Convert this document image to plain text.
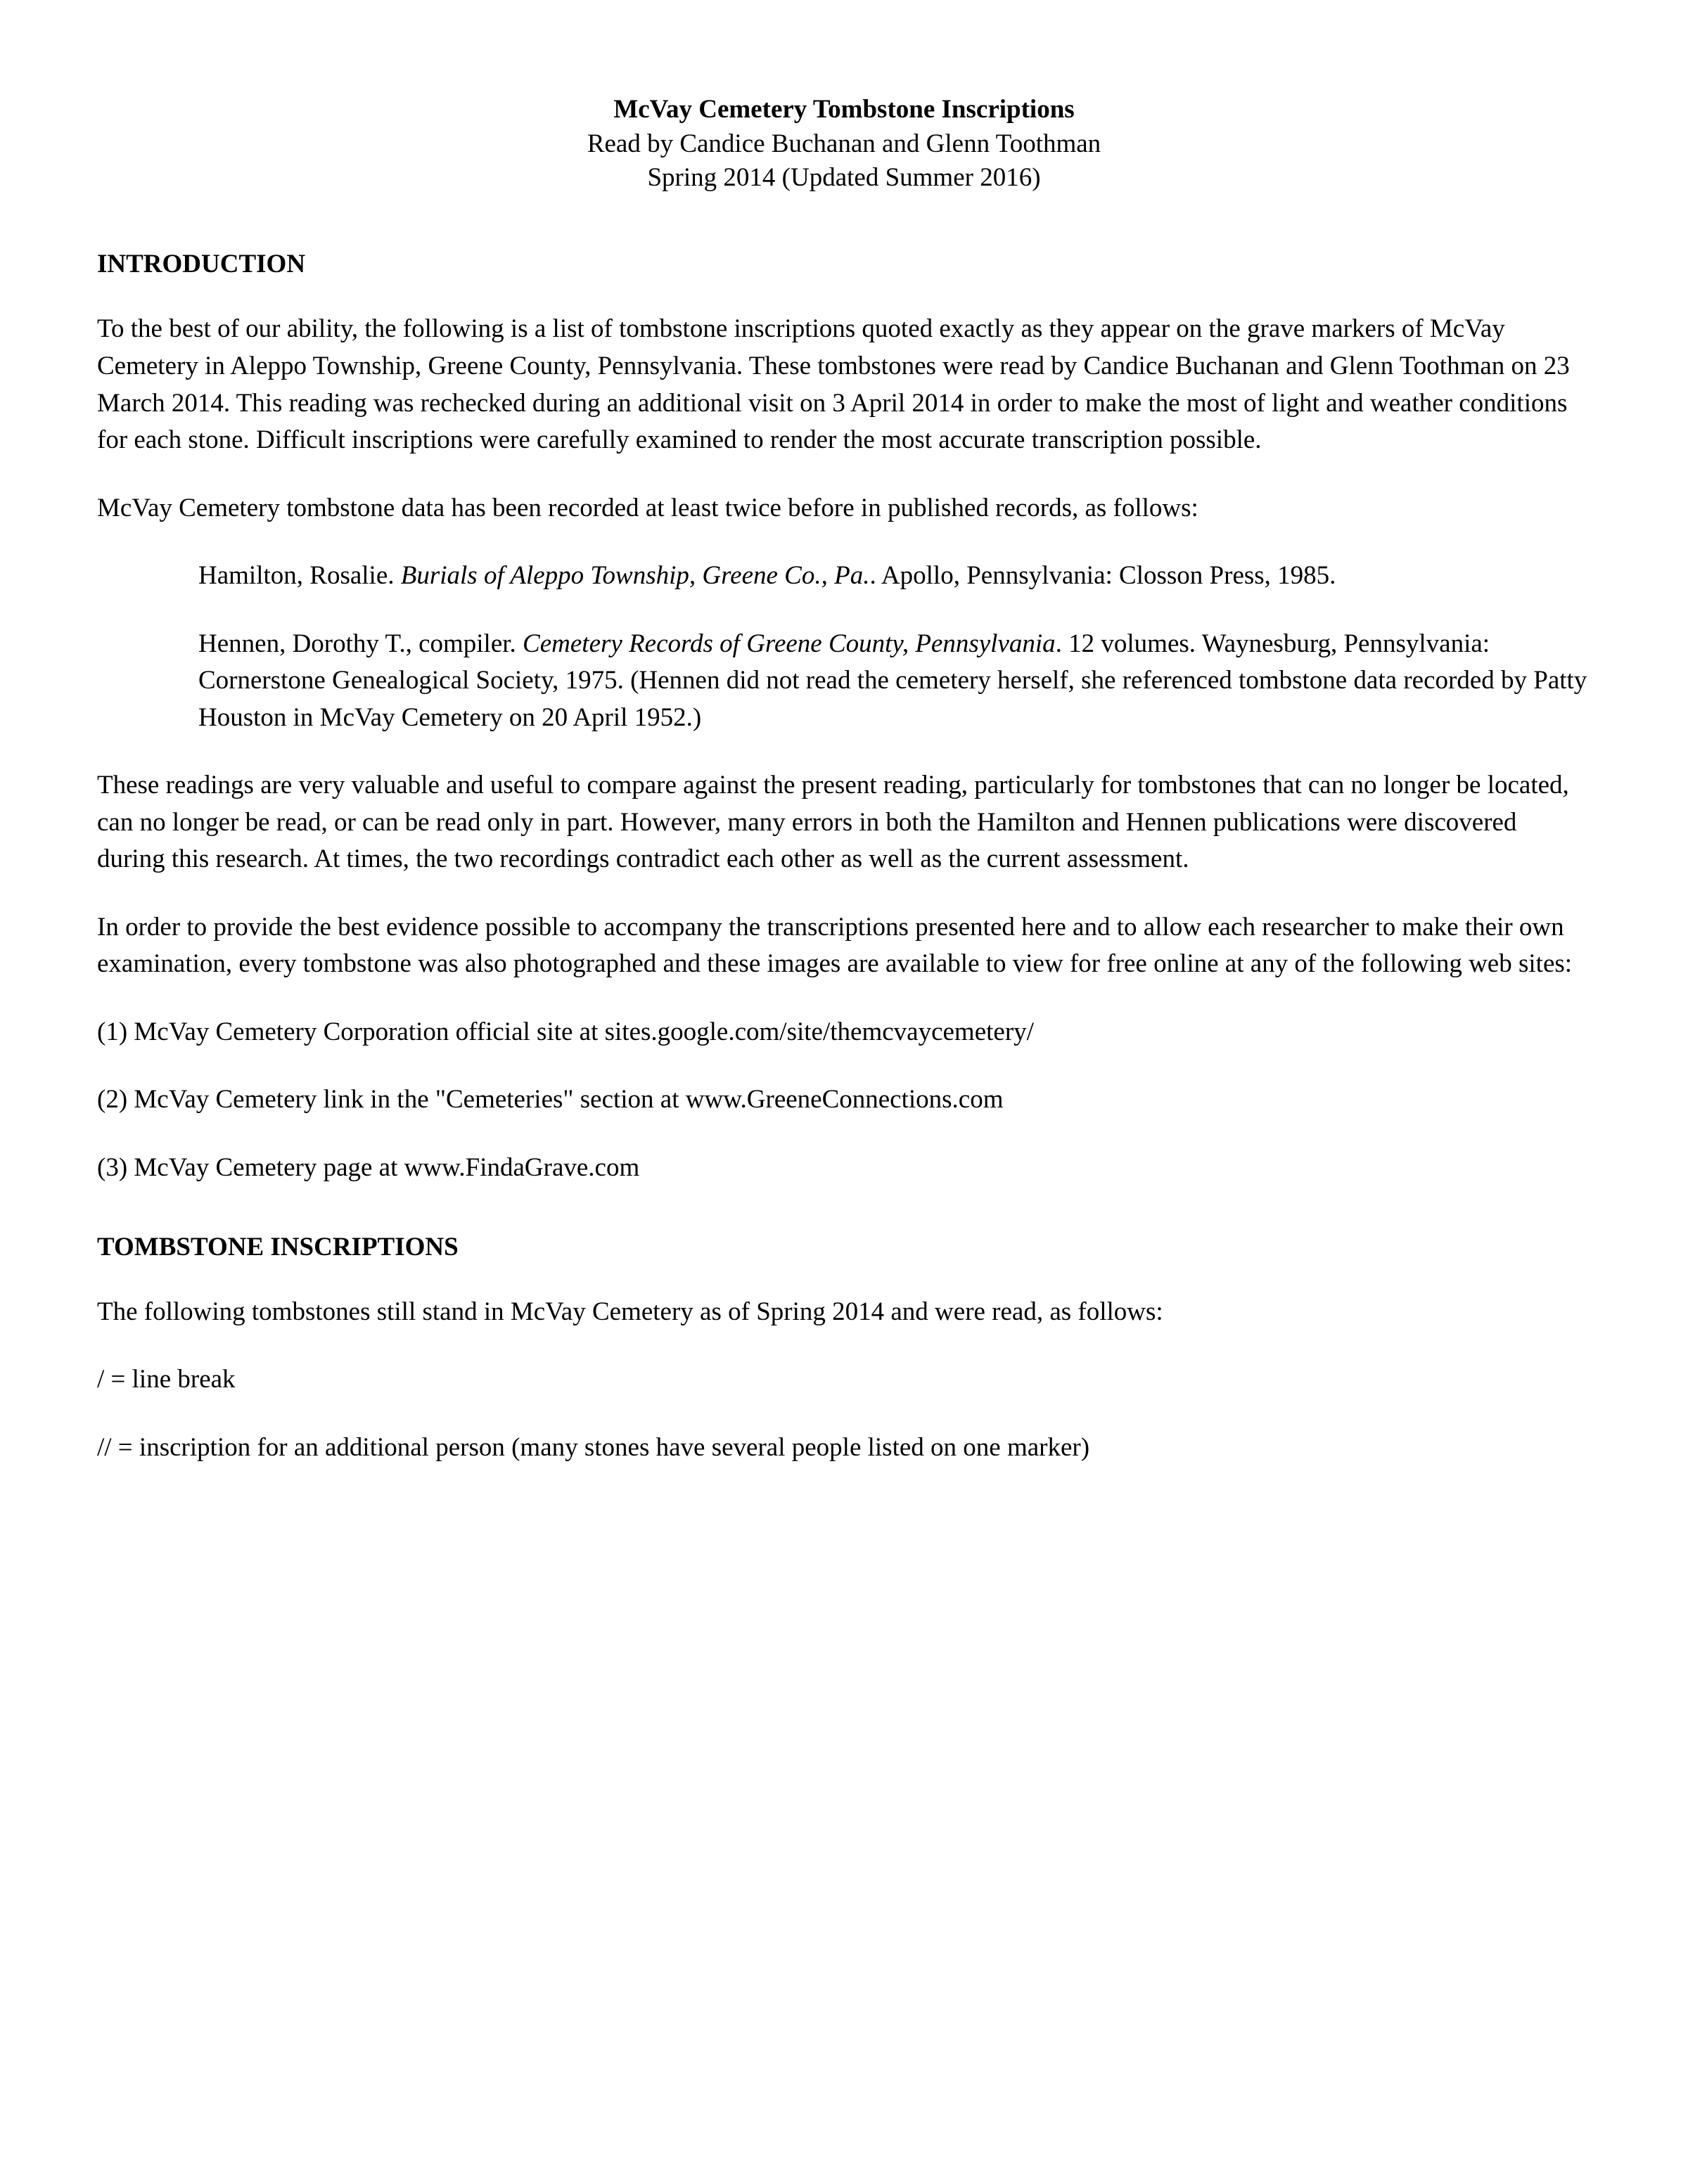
McVay Cemetery Tombstone Inscriptions
Read by Candice Buchanan and Glenn Toothman
Spring 2014 (Updated Summer 2016)
INTRODUCTION

To the best of our ability, the following is a list of tombstone inscriptions quoted exactly as they appear on the grave markers of McVay Cemetery in Aleppo Township, Greene County, Pennsylvania. These tombstones were read by Candice Buchanan and Glenn Toothman on 23 March 2014. This reading was rechecked during an additional visit on 3 April 2014 in order to make the most of light and weather conditions for each stone. Difficult inscriptions were carefully examined to render the most accurate transcription possible.

McVay Cemetery tombstone data has been recorded at least twice before in published records, as follows:

Hamilton, Rosalie. Burials of Aleppo Township, Greene Co., Pa.. Apollo, Pennsylvania: Closson Press, 1985.
Hennen, Dorothy T., compiler. Cemetery Records of Greene County, Pennsylvania. 12 volumes. Waynesburg, Pennsylvania: Cornerstone Genealogical Society, 1975. (Hennen did not read the cemetery herself, she referenced tombstone data recorded by Patty Houston in McVay Cemetery on 20 April 1952.)

These readings are very valuable and useful to compare against the present reading, particularly for tombstones that can no longer be located, can no longer be read, or can be read only in part. However, many errors in both the Hamilton and Hennen publications were discovered during this research. At times, the two recordings contradict each other as well as the current assessment.

In order to provide the best evidence possible to accompany the transcriptions presented here and to allow each researcher to make their own examination, every tombstone was also photographed and these images are available to view for free online at any of the following web sites:

(1) McVay Cemetery Corporation official site at sites.google.com/site/themcvaycemetery/

(2) McVay Cemetery link in the "Cemeteries" section at www.GreeneConnections.com

(3) McVay Cemetery page at www.FindaGrave.com

TOMBSTONE INSCRIPTIONS

The following tombstones still stand in McVay Cemetery as of Spring 2014 and were read, as follows:

/ = line break

// = inscription for an additional person (many stones have several people listed on one marker)
